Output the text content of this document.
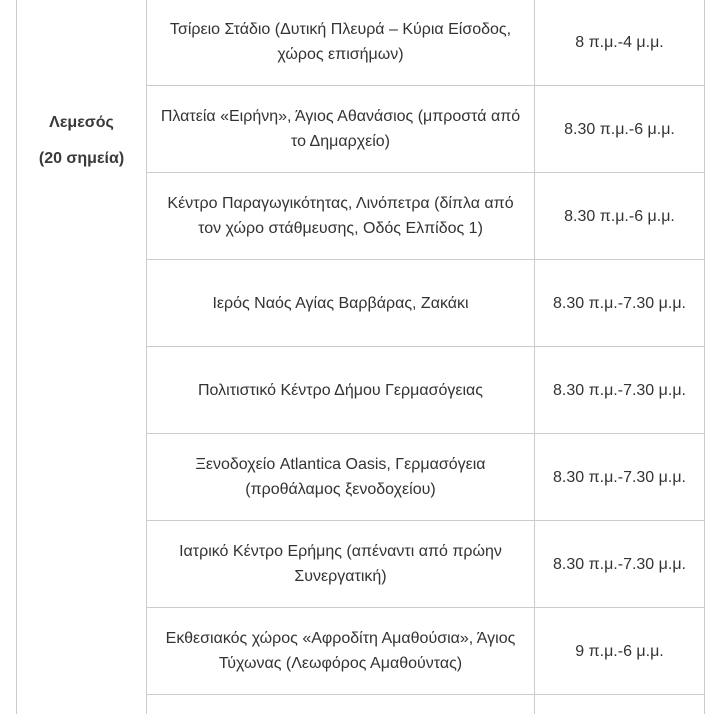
Λεμεσός
(20 σημεία)	Τσίρειο Στάδιο (Δυτική Πλευρά – Κύρια Είσοδος, χώρος επισήμων)	8 π.μ.-4 μ.μ.

	Πλατεία «Ειρήνη», Άγιος Αθανάσιος (μπροστά από το Δημαρχείο)	8.30 π.μ.-6 μ.μ.

	Κέντρο Παραγωγικότητας, Λινόπετρα (δίπλα από τον χώρο στάθμευσης, Οδός Ελπίδος 1)	8.30 π.μ.-6 μ.μ.

	Ιερός Ναός Αγίας Βαρβάρας, Ζακάκι	8.30 π.μ.-7.30 μ.μ.

	Πολιτιστικό Κέντρο Δήμου Γερμασόγειας	8.30 π.μ.-7.30 μ.μ.

	Ξενοδοχείο Atlantica Oasis, Γερμασόγεια (προθάλαμος ξενοδοχείου)	8.30 π.μ.-7.30 μ.μ.

	Ιατρικό Κέντρο Ερήμης (απέναντι από πρώην Συνεργατική)	8.30 π.μ.-7.30 μ.μ.

	Εκθεσιακός χώρος «Αφροδίτη Αμαθούσια», Άγιος Τύχωνας (Λεωφόρος Αμαθούντας)	9 π.μ.-6 μ.μ.
